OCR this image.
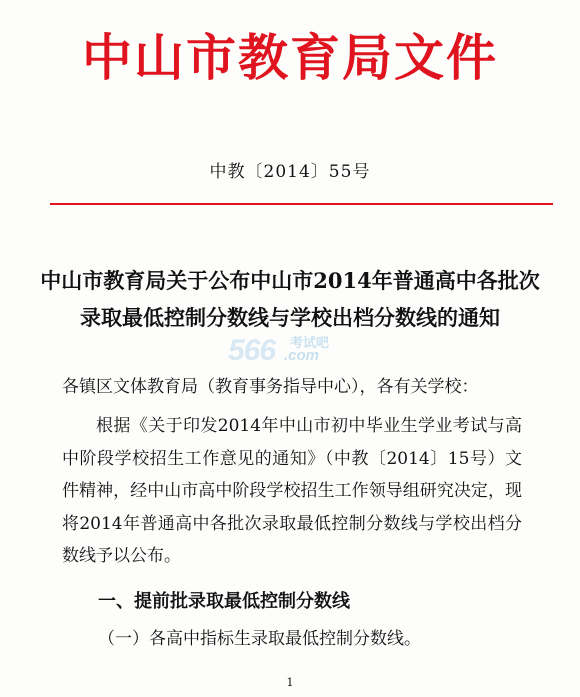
中山市教育局文件
中教〔2014〕55号
中山市教育局关于公布中山市2014年普通高中各批次
录取最低控制分数线与学校出档分数线的通知
566 考试吧
.com
各镇区文体教育局（教育事务指导中心），各有关学校：
根据《关于印发2014年中山市初中毕业生学业考试与高中阶段学校招生工作意见的通知》（中教〔2014〕15号）文件精神，经中山市高中阶段学校招生工作领导组研究决定，现将2014年普通高中各批次录取最低控制分数线与学校出档分数线予以公布。
一、提前批录取最低控制分数线
（一）各高中指标生录取最低控制分数线。
1
